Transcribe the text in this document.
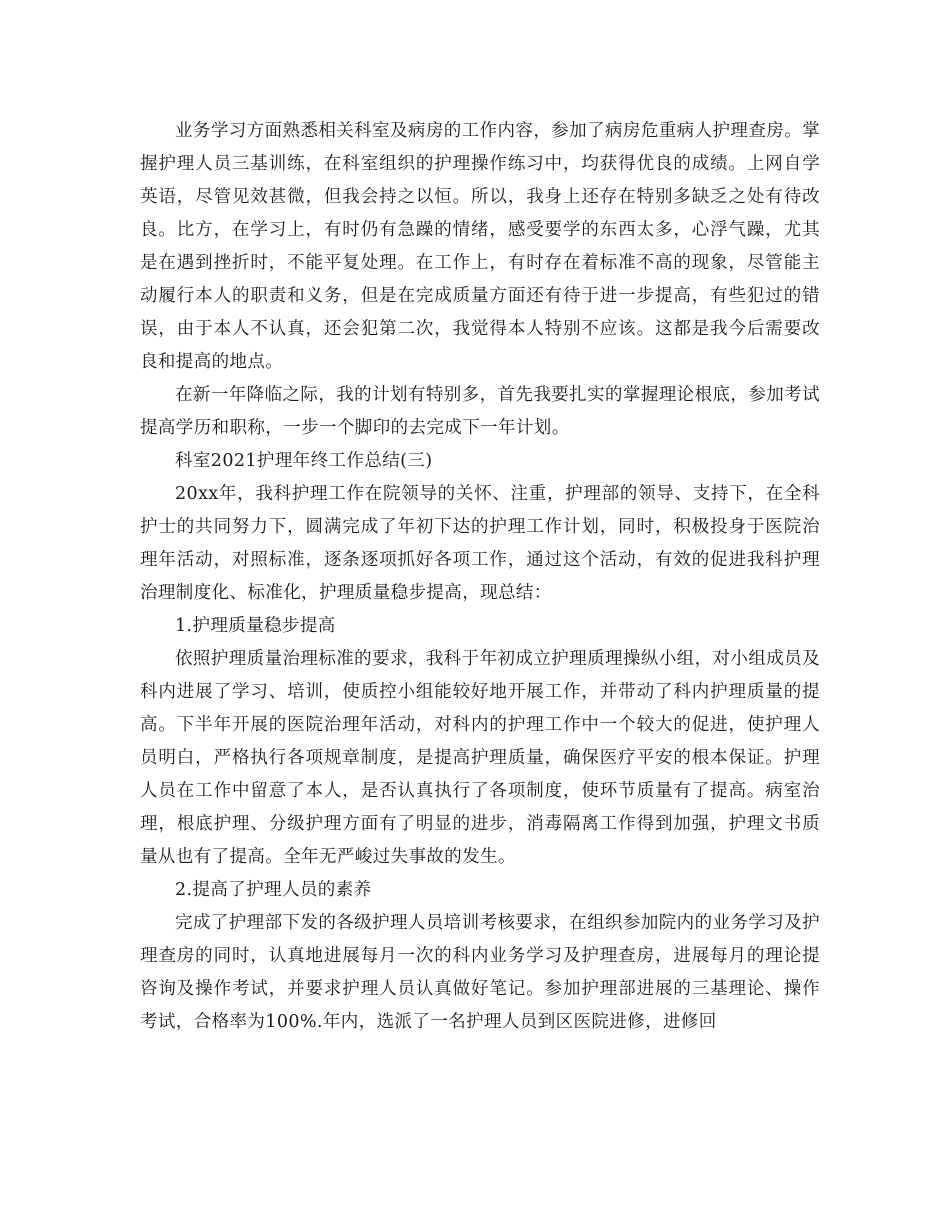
业务学习方面熟悉相关科室及病房的工作内容，参加了病房危重病人护理查房。掌握护理人员三基训练，在科室组织的护理操作练习中，均获得优良的成绩。上网自学英语，尽管见效甚微，但我会持之以恒。所以，我身上还存在特别多缺乏之处有待改良。比方，在学习上，有时仍有急躁的情绪，感受要学的东西太多，心浮气躁，尤其是在遇到挫折时，不能平复处理。在工作上，有时存在着标准不高的现象，尽管能主动履行本人的职责和义务，但是在完成质量方面还有待于进一步提高，有些犯过的错误，由于本人不认真，还会犯第二次，我觉得本人特别不应该。这都是我今后需要改良和提高的地点。

在新一年降临之际，我的计划有特别多，首先我要扎实的掌握理论根底，参加考试提高学历和职称，一步一个脚印的去完成下一年计划。

科室2021护理年终工作总结(三)

20xx年，我科护理工作在院领导的关怀、注重，护理部的领导、支持下，在全科护士的共同努力下，圆满完成了年初下达的护理工作计划，同时，积极投身于医院治理年活动，对照标准，逐条逐项抓好各项工作，通过这个活动，有效的促进我科护理治理制度化、标准化，护理质量稳步提高，现总结：

1.护理质量稳步提高

依照护理质量治理标准的要求，我科于年初成立护理质理操纵小组，对小组成员及科内进展了学习、培训，使质控小组能较好地开展工作，并带动了科内护理质量的提高。下半年开展的医院治理年活动，对科内的护理工作中一个较大的促进，使护理人员明白，严格执行各项规章制度，是提高护理质量，确保医疗平安的根本保证。护理人员在工作中留意了本人，是否认真执行了各项制度，使环节质量有了提高。病室治理，根底护理、分级护理方面有了明显的进步，消毒隔离工作得到加强，护理文书质量从也有了提高。全年无严峻过失事故的发生。

2.提高了护理人员的素养

完成了护理部下发的各级护理人员培训考核要求，在组织参加院内的业务学习及护理查房的同时，认真地进展每月一次的科内业务学习及护理查房，进展每月的理论提咨询及操作考试，并要求护理人员认真做好笔记。参加护理部进展的三基理论、操作考试，合格率为100%.年内，选派了一名护理人员到区医院进修，进修回
